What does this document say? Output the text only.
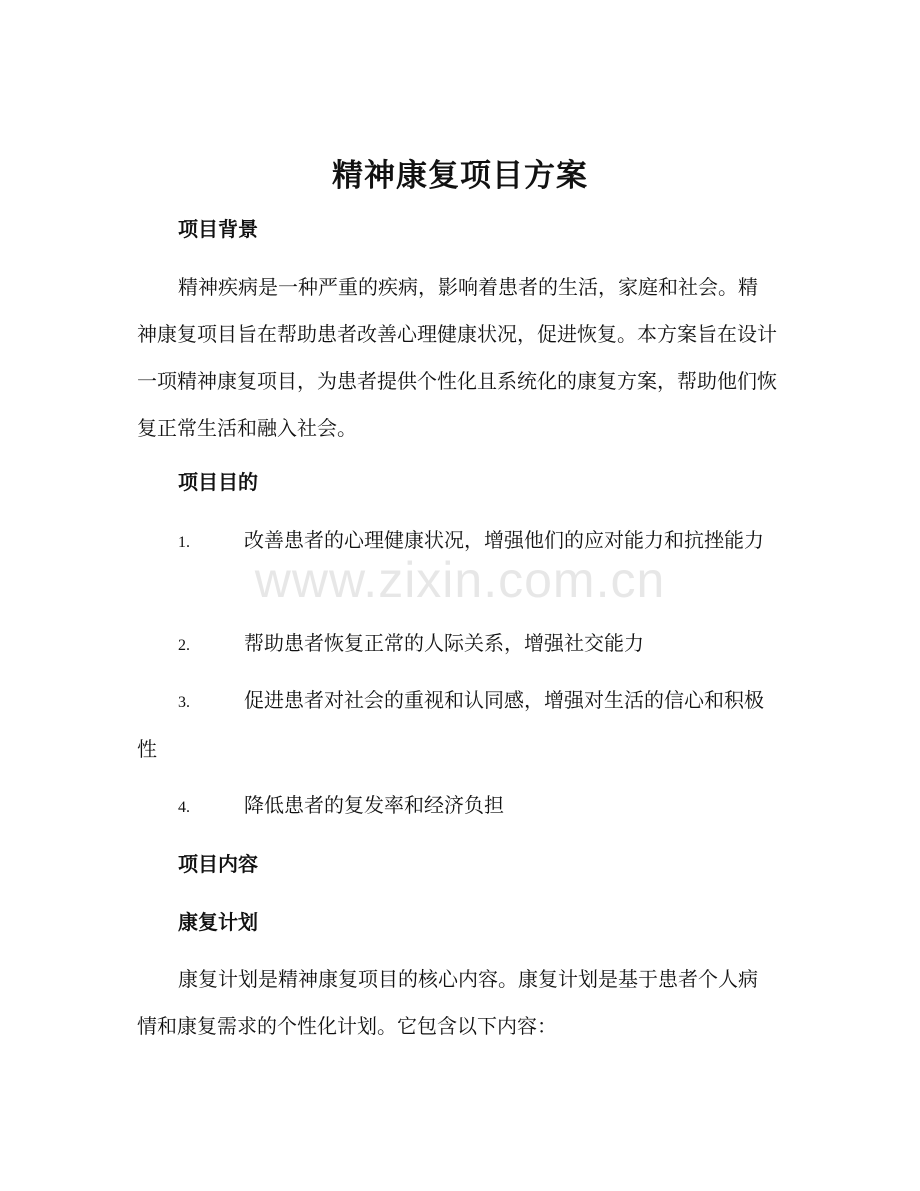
精神康复项目方案
项目背景

精神疾病是一种严重的疾病，影响着患者的生活，家庭和社会。精神康复项目旨在帮助患者改善心理健康状况，促进恢复。本方案旨在设计一项精神康复项目，为患者提供个性化且系统化的康复方案，帮助他们恢复正常生活和融入社会。

项目目的

1.	改善患者的心理健康状况，增强他们的应对能力和抗挫能力

2.	帮助患者恢复正常的人际关系，增强社交能力

3.	促进患者对社会的重视和认同感，增强对生活的信心和积极性

4.	降低患者的复发率和经济负担

项目内容
康复计划

康复计划是精神康复项目的核心内容。康复计划是基于患者个人病情和康复需求的个性化计划。它包含以下内容：

www.zixin.com.cn
